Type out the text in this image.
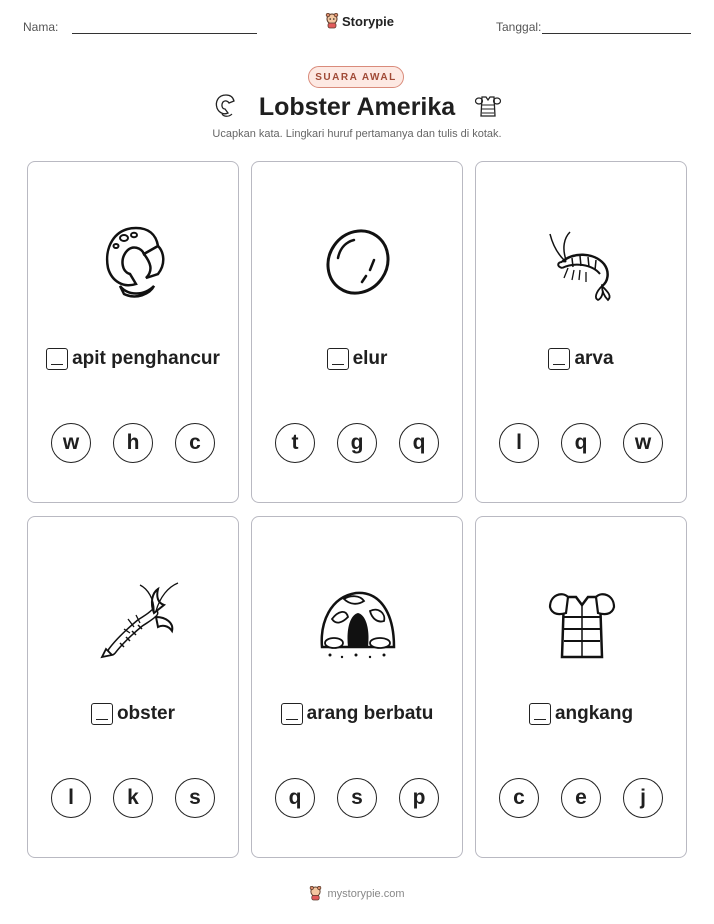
Nama:	Storypie	Tanggal:
SUARA AWAL
Lobster Amerika
Ucapkan kata. Lingkari huruf pertamanya dan tulis di kotak.
apit penghancur
w	h	c
elur
t	g	q
arva
l	q	w
obster
l	k	s
arang berbatu
q	s	p
angkang
c	e	j
mystorypie.com
